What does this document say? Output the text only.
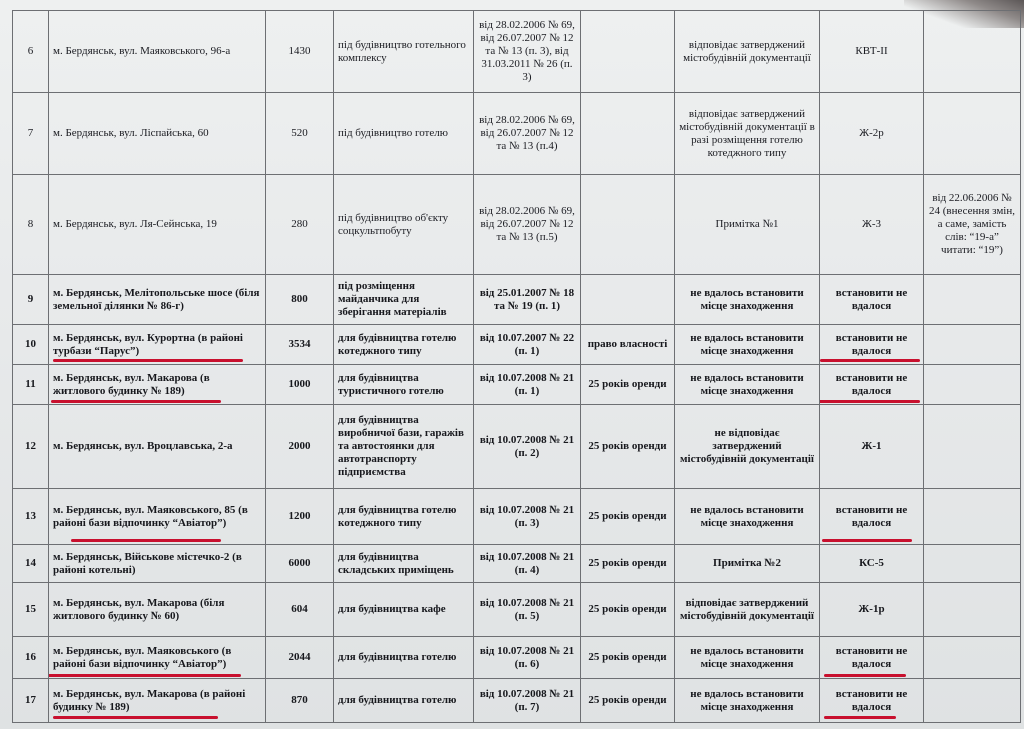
6	м. Бердянськ, вул. Маяковського, 96-а	1430	під будівництво готельного комплексу	від 28.02.2006 № 69, від 26.07.2007 № 12 та № 13 (п. 3), від 31.03.2011 № 26 (п. 3)		відповідає затверджений містобудівній документації	КВТ-II	
7	м. Бердянськ, вул. Ліспайська, 60	520	під будівництво готелю	від 28.02.2006 № 69, від 26.07.2007 № 12 та № 13 (п.4)		відповідає затверджений містобудівній документації в разі розміщення готелю котеджного типу	Ж-2р	
8	м. Бердянськ, вул. Ля-Сейнська, 19	280	під будівництво об'єкту соцкультпобуту	від 28.02.2006 № 69, від 26.07.2007 № 12 та № 13 (п.5)		Примітка №1	Ж-3	від 22.06.2006 № 24 (внесення змін, а саме, замість слів: “19-а” читати: “19”)
9	м. Бердянськ, Мелітопольське шосе (біля земельної ділянки № 86-г)	800	під розміщення майданчика для зберігання матеріалів	від 25.01.2007 № 18 та № 19 (п. 1)		не вдалось встановити місце знаходження	встановити не вдалося	
10	м. Бердянськ, вул. Курортна (в районі турбази “Парус”)	3534	для будівництва готелю котеджного типу	від 10.07.2007 № 22 (п. 1)	право власності	не вдалось встановити місце знаходження	встановити не вдалося

11	м. Бердянськ, вул. Макарова (в житлового будинку № 189)	1000	для будівництва туристичного готелю	від 10.07.2008 № 21 (п. 1)	25 років оренди	не вдалось встановити місце знаходження	встановити не вдалося

12	м. Бердянськ, вул. Вроцлавська, 2-а	2000	для будівництва виробничої бази, гаражів та автостоянки для автотранспорту підприємства	від 10.07.2008 № 21 (п. 2)	25 років оренди	не відповідає затверджений містобудівній документації	Ж-1	
13	м. Бердянськ, вул. Маяковського, 85 (в районі бази відпочинку “Авіатор”)	1200	для будівництва готелю котеджного типу	від 10.07.2008 № 21 (п. 3)	25 років оренди	не вдалось встановити місце знаходження	встановити не вдалося

14	м. Бердянськ, Військове містечко-2 (в районі котельні)	6000	для будівництва складських приміщень	від 10.07.2008 № 21 (п. 4)	25 років оренди	Примітка №2	КС-5	
15	м. Бердянськ, вул. Макарова (біля житлового будинку № 60)	604	для будівництва кафе	від 10.07.2008 № 21 (п. 5)	25 років оренди	відповідає затверджений містобудівній документації	Ж-1р	
16	м. Бердянськ, вул. Маяковського (в районі бази відпочинку “Авіатор”)	2044	для будівництва готелю	від 10.07.2008 № 21 (п. 6)	25 років оренди	не вдалось встановити місце знаходження	встановити не вдалося

17	м. Бердянськ, вул. Макарова (в районі будинку № 189)	870	для будівництва готелю	від 10.07.2008 № 21 (п. 7)	25 років оренди	не вдалось встановити місце знаходження	встановити не вдалося
